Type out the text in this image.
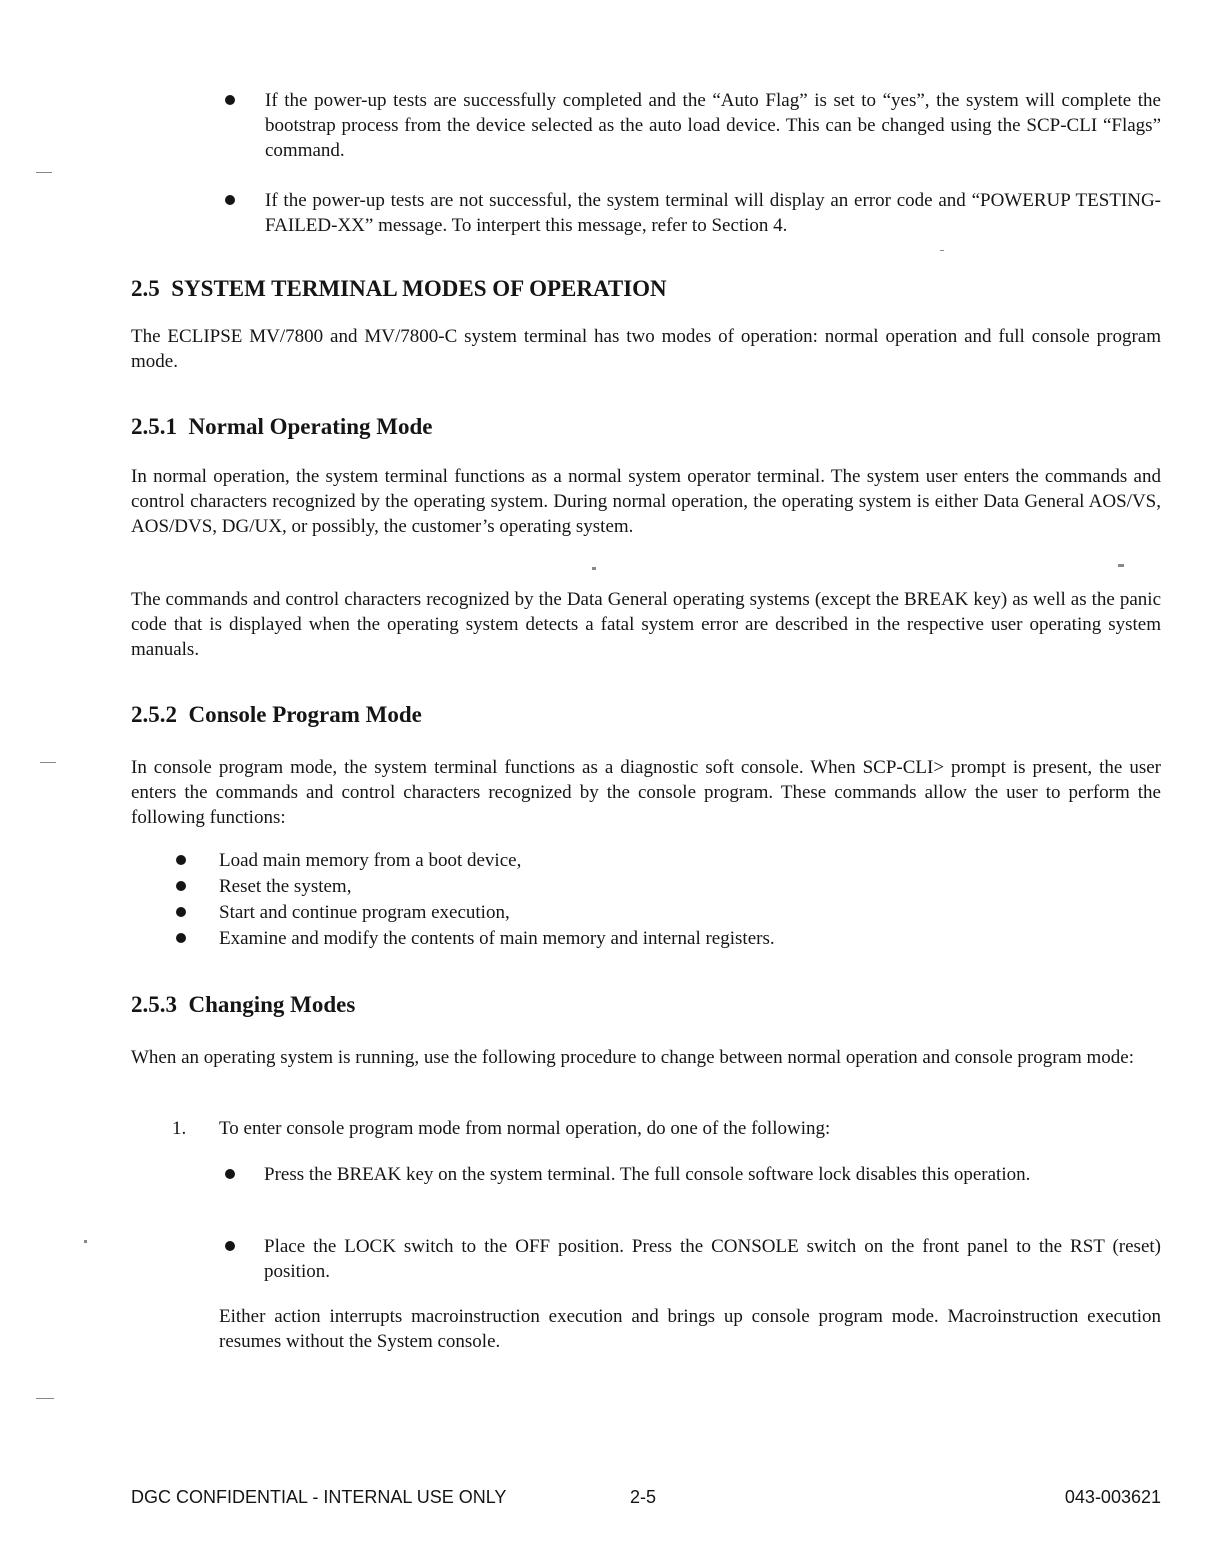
If the power-up tests are successfully completed and the “Auto Flag” is set to “yes”, the system will complete the bootstrap process from the device selected as the auto load device. This can be changed using the SCP-CLI “Flags” command.

If the power-up tests are not successful, the system terminal will display an error code and “POWERUP TESTING-FAILED-XX” message. To interpert this message, refer to Section 4.

2.5 SYSTEM TERMINAL MODES OF OPERATION

The ECLIPSE MV/7800 and MV/7800-C system terminal has two modes of operation: normal operation and full console program mode.

2.5.1 Normal Operating Mode

In normal operation, the system terminal functions as a normal system operator terminal. The system user enters the commands and control characters recognized by the operating system. During normal operation, the operating system is either Data General AOS/VS, AOS/DVS, DG/UX, or possibly, the customer’s operating system.

The commands and control characters recognized by the Data General operating systems (except the BREAK key) as well as the panic code that is displayed when the operating system detects a fatal system error are described in the respective user operating system manuals.

2.5.2 Console Program Mode

In console program mode, the system terminal functions as a diagnostic soft console. When SCP-CLI> prompt is present, the user enters the commands and control characters recognized by the console program. These commands allow the user to perform the following functions:

Load main memory from a boot device,
Reset the system,
Start and continue program execution,
Examine and modify the contents of main memory and internal registers.
2.5.3 Changing Modes

When an operating system is running, use the following procedure to change between normal operation and console program mode:

1. To enter console program mode from normal operation, do one of the following:

Press the BREAK key on the system terminal. The full console software lock disables this operation.

Place the LOCK switch to the OFF position. Press the CONSOLE switch on the front panel to the RST (reset) position.

Either action interrupts macroinstruction execution and brings up console program mode. Macroinstruction execution resumes without the System console.

DGC CONFIDENTIAL - INTERNAL USE ONLY	2-5	043-003621
